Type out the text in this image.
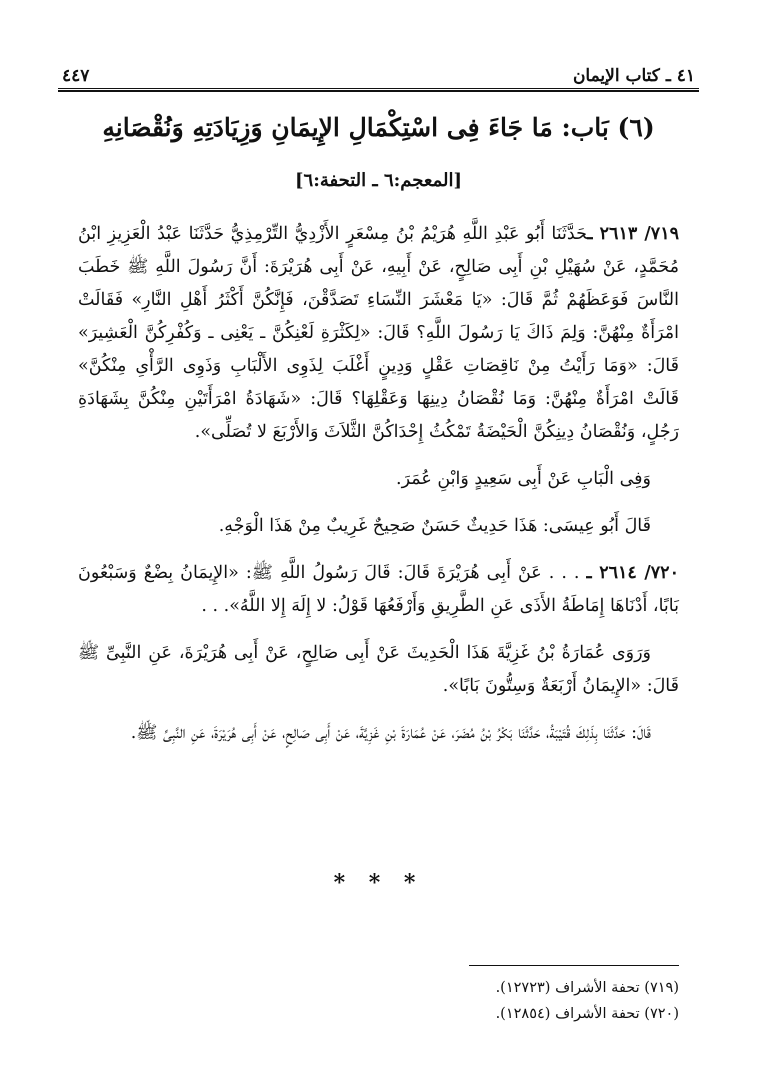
٤١ ـ كتاب الإيمان
٤٤٧
(٦) بَاب: مَا جَاءَ فِى اسْتِكْمَالِ الإِيمَانِ وَزِيَادَتِهِ وَنُقْصَانِهِ
[المعجم:٦ ـ التحفة:٦]

٧١٩/ ٢٦١٣ ـحَدَّثَنَا أَبُو عَبْدِ اللَّهِ هُرَيْمُ بْنُ مِسْعَرٍ الأَزْدِيُّ التِّرْمِذِيُّ حَدَّثَنَا عَبْدُ الْعَزِيزِ ابْنُ مُحَمَّدٍ، عَنْ سُهَيْلِ بْنِ أَبِى صَالِحٍ، عَنْ أَبِيهِ، عَنْ أَبِى هُرَيْرَةَ: أَنَّ رَسُولَ اللَّهِ ﷺ خَطَبَ النَّاسَ فَوَعَظَهُمْ ثُمَّ قَالَ: «يَا مَعْشَرَ النِّسَاءِ تَصَدَّقْنَ، فَإِنَّكُنَّ أَكْثَرُ أَهْلِ النَّارِ» فَقَالَتْ امْرَأَةٌ مِنْهُنَّ: وَلِمَ ذَاكَ يَا رَسُولَ اللَّهِ؟ قَالَ: «لِكَثْرَةِ لَعْنِكُنَّ ـ يَعْنِى ـ وَكُفْرِكُنَّ الْعَشِيرَ» قَالَ: «وَمَا رَأَيْتُ مِنْ نَاقِصَاتِ عَقْلٍ وَدِينٍ أَغْلَبَ لِذَوِى الأَلْبَابِ وَذَوِى الرَّأْىِ مِنْكُنَّ» قَالَتْ امْرَأَةٌ مِنْهُنَّ: وَمَا نُقْصَانُ دِينِهَا وَعَقْلِهَا؟ قَالَ: «شَهَادَةُ امْرَأَتَيْنِ مِنْكُنَّ بِشَهَادَةِ رَجُلٍ، وَنُقْصَانُ دِينِكُنَّ الْحَيْضَةُ تَمْكُثُ إِحْدَاكُنَّ الثَّلاَثَ وَالأَرْبَعَ لا تُصَلِّى».

وَفِى الْبَابِ عَنْ أَبِى سَعِيدٍ وَابْنِ عُمَرَ.

قَالَ أَبُو عِيسَى: هَذَا حَدِيثٌ حَسَنٌ صَحِيحٌ غَرِيبٌ مِنْ هَذَا الْوَجْهِ.

٧٢٠/ ٢٦١٤ ـ . . . عَنْ أَبِى هُرَيْرَةَ قَالَ: قَالَ رَسُولُ اللَّهِ ﷺ: «الإِيمَانُ بِضْعٌ وَسَبْعُونَ بَابًا، أَدْنَاهَا إِمَاطَةُ الأَذَى عَنِ الطَّرِيقِ وَأَرْفَعُهَا قَوْلُ: لا إِلَهَ إِلا اللَّهُ». . .

وَرَوَى عُمَارَةُ بْنُ غَزِيَّةَ هَذَا الْحَدِيثَ عَنْ أَبِى صَالِحٍ، عَنْ أَبِى هُرَيْرَةَ، عَنِ النَّبِىِّ ﷺ قَالَ: «الإِيمَانُ أَرْبَعَةٌ وَسِتُّونَ بَابًا».

قَالَ: حَدَّثَنَا بِذَلِكَ قُتَيْبَةُ، حَدَّثَنَا بَكْرُ بْنُ مُضَرَ، عَنْ عُمَارَةَ بْنِ غَزِيَّةَ، عَنْ أَبِى صَالِحٍ، عَنْ أَبِى هُرَيْرَةَ، عَنِ النَّبِىِّ ﷺ.

* * *

(٧١٩) تحفة الأشراف (١٢٧٢٣).

(٧٢٠) تحفة الأشراف (١٢٨٥٤).
